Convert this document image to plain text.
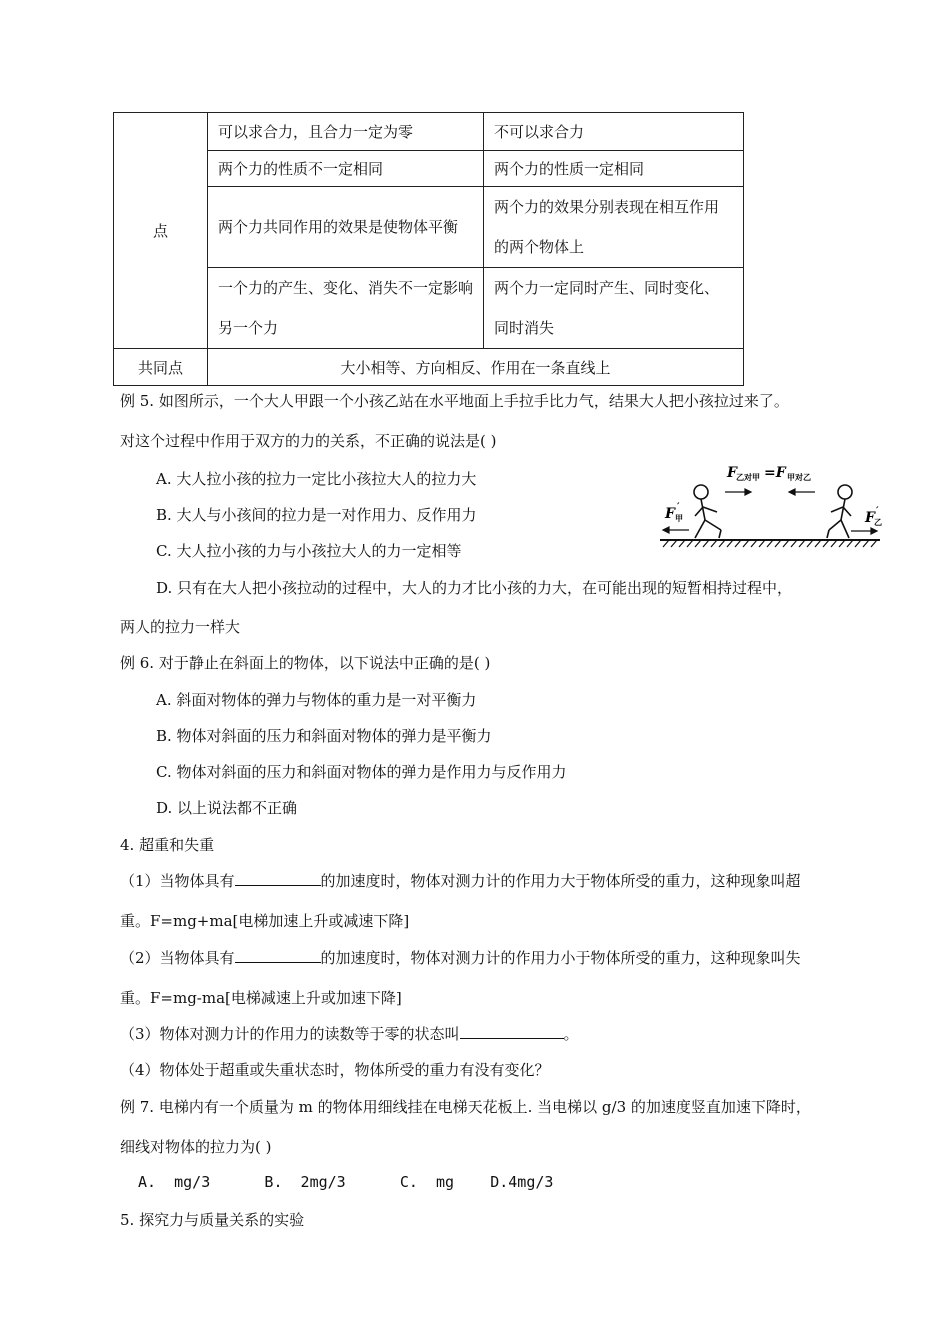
点	可以求合力，且合力一定为零	不可以求合力
	两个力的性质不一定相同	两个力的性质一定相同
	两个力共同作用的效果是使物体平衡	两个力的效果分别表现在相互作用的两个物体上
	一个力的产生、变化、消失不一定影响另一个力	两个力一定同时产生、同时变化、同时消失
共同点	大小相等、方向相反、作用在一条直线上	
例 5. 如图所示，一个大人甲跟一个小孩乙站在水平地面上手拉手比力气，结果大人把小孩拉过来了。
对这个过程中作用于双方的力的关系，不正确的说法是( )
A. 大人拉小孩的拉力一定比小孩拉大人的拉力大
B. 大人与小孩间的拉力是一对作用力、反作用力
C. 大人拉小孩的力与小孩拉大人的力一定相等
D. 只有在大人把小孩拉动的过程中，大人的力才比小孩的力大，在可能出现的短暂相持过程中，
两人的拉力一样大
F 乙对甲 =F 甲对乙
F 甲
′
F 乙
′
例 6. 对于静止在斜面上的物体，以下说法中正确的是( )
A. 斜面对物体的弹力与物体的重力是一对平衡力
B. 物体对斜面的压力和斜面对物体的弹力是平衡力
C. 物体对斜面的压力和斜面对物体的弹力是作用力与反作用力
D. 以上说法都不正确
4. 超重和失重
（1）当物体具有	的加速度时，物体对测力计的作用力大于物体所受的重力，这种现象叫超
重。F=mg+ma[电梯加速上升或减速下降]
（2）当物体具有	的加速度时，物体对测力计的作用力小于物体所受的重力，这种现象叫失
重。F=mg-ma[电梯减速上升或加速下降]
（3）物体对测力计的作用力的读数等于零的状态叫	。
（4）物体处于超重或失重状态时，物体所受的重力有没有变化？
例 7. 电梯内有一个质量为 m 的物体用细线挂在电梯天花板上. 当电梯以 g/3 的加速度竖直加速下降时，
细线对物体的拉力为( )
A.  mg/3      B.  2mg/3      C.  mg    D.4mg/3
5. 探究力与质量关系的实验
